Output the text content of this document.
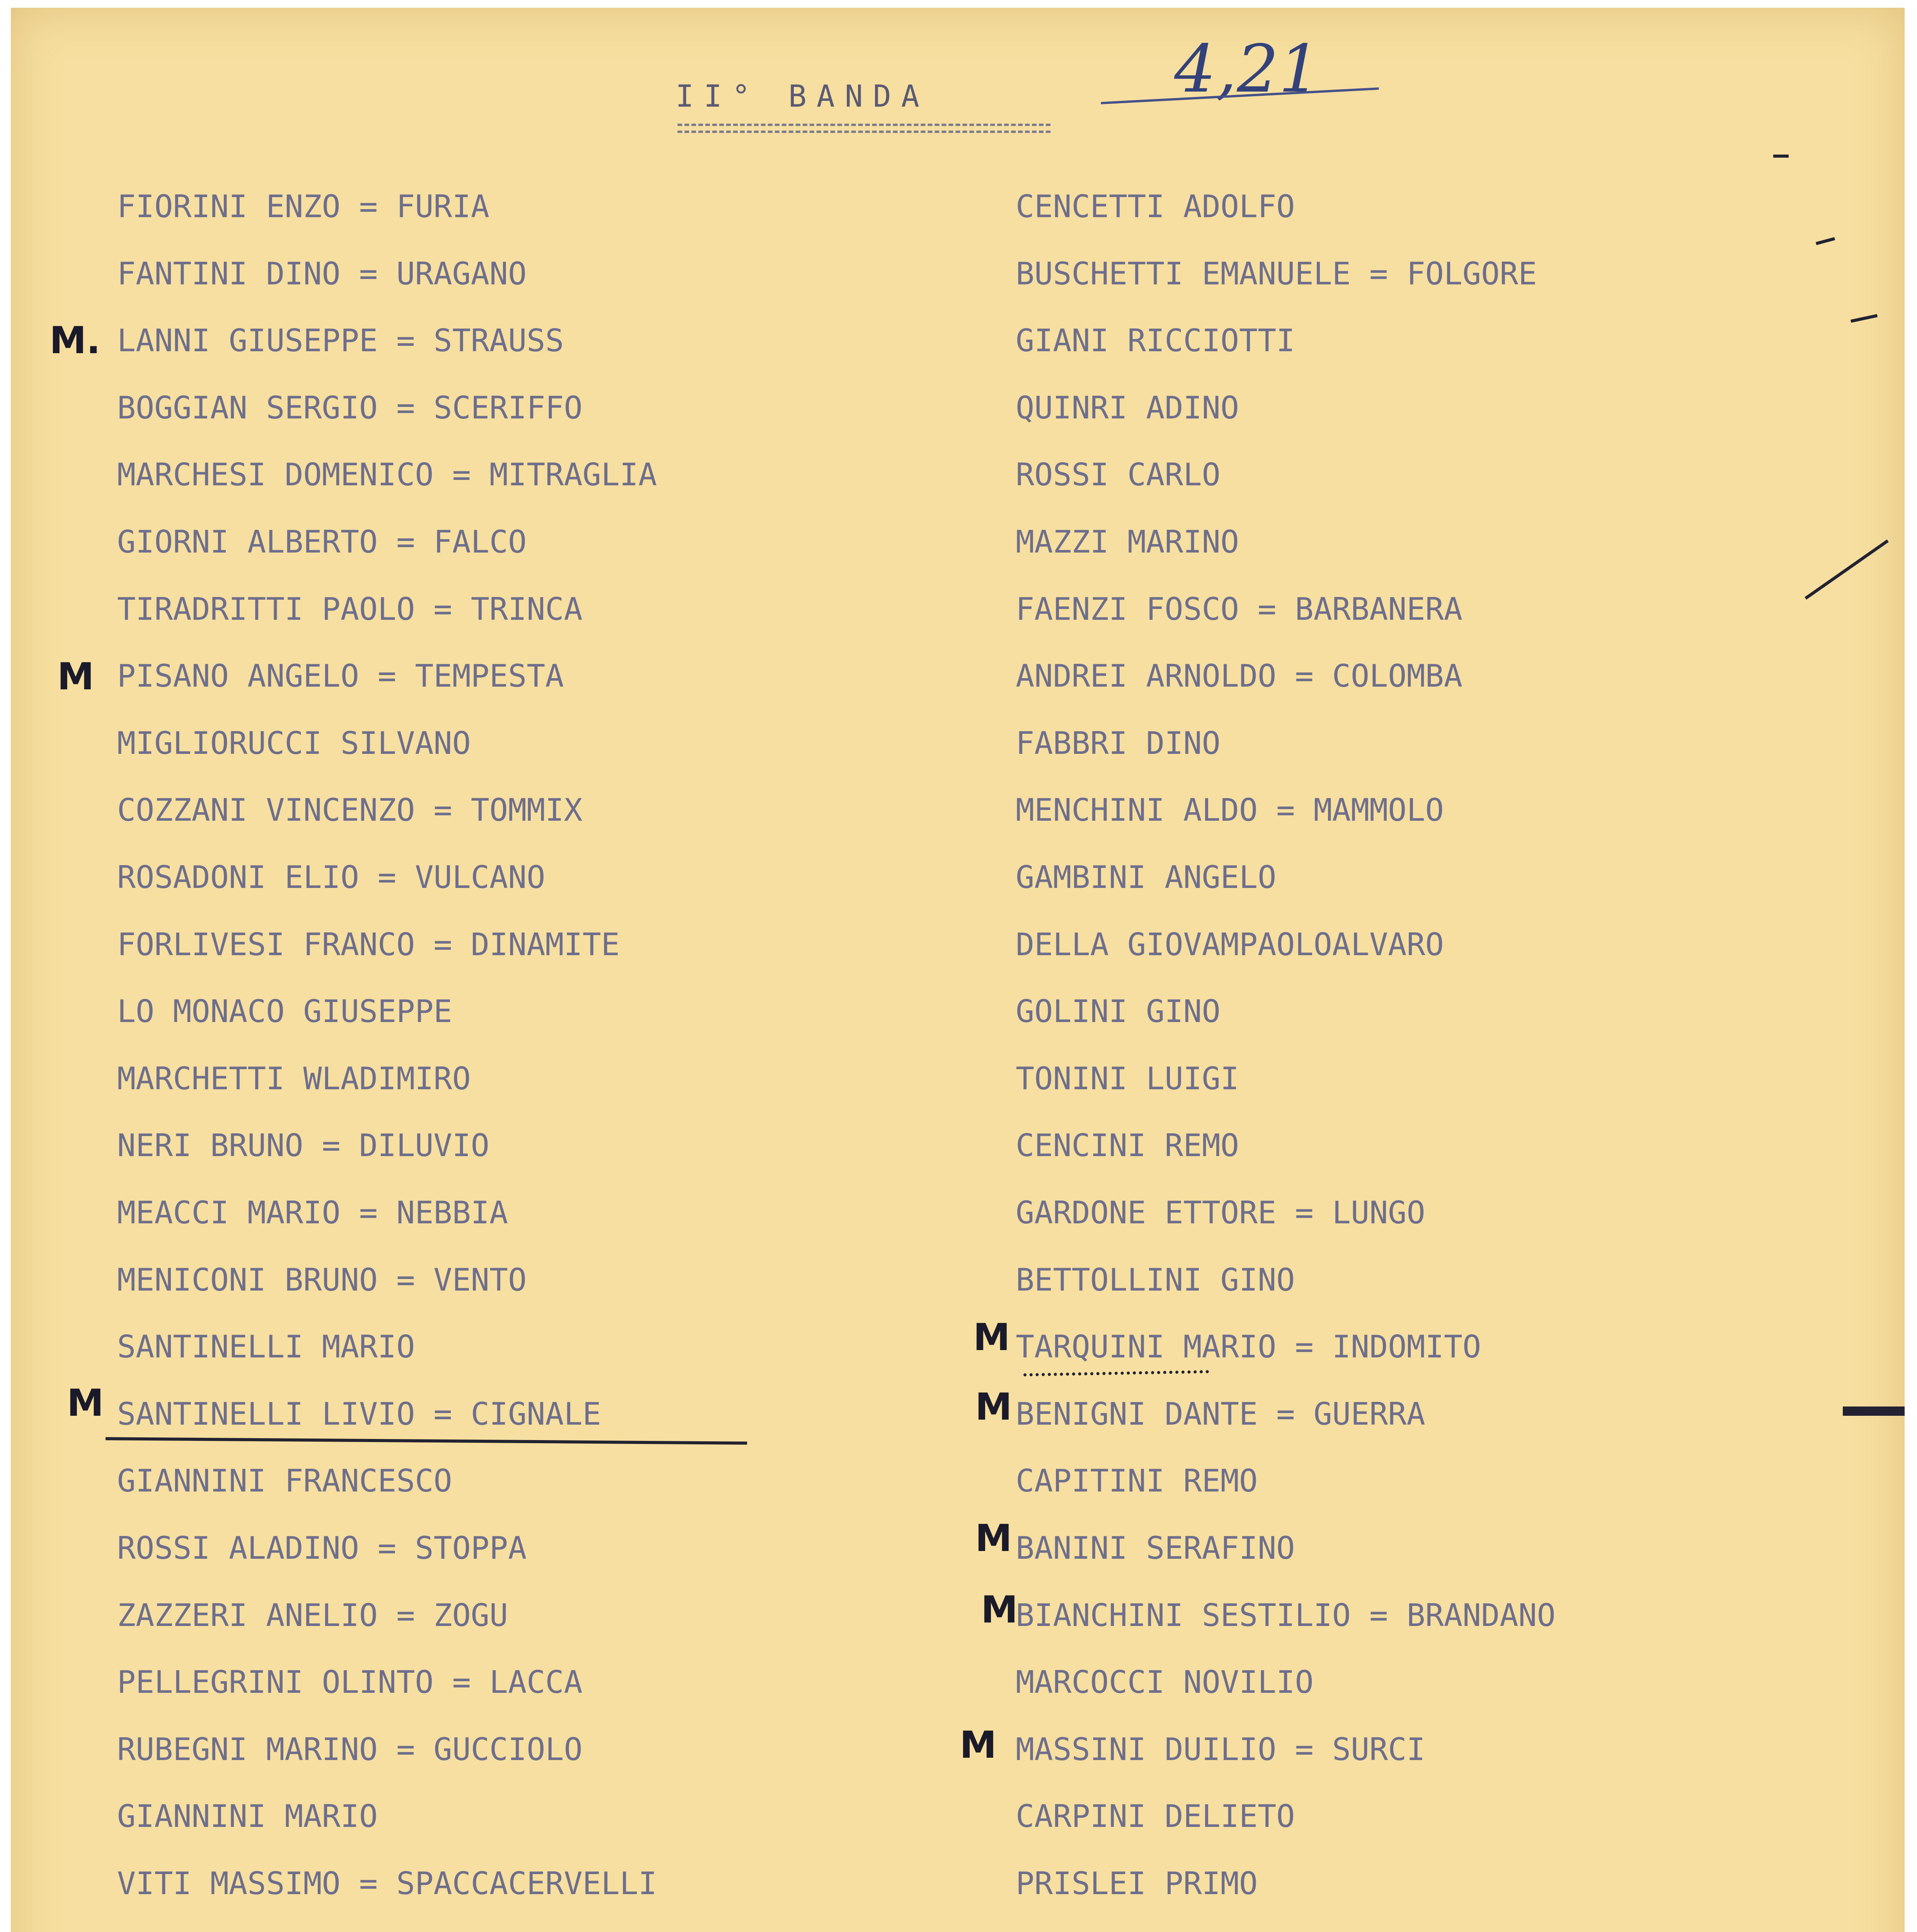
II° BANDA	4,21
FIORINI ENZO = FURIA
FANTINI DINO = URAGANO
LANNI GIUSEPPE = STRAUSS
BOGGIAN SERGIO = SCERIFFO
MARCHESI DOMENICO = MITRAGLIA
GIORNI ALBERTO = FALCO
TIRADRITTI PAOLO = TRINCA
PISANO ANGELO = TEMPESTA
MIGLIORUCCI SILVANO
COZZANI VINCENZO = TOMMIX
ROSADONI ELIO = VULCANO
FORLIVESI FRANCO = DINAMITE
LO MONACO GIUSEPPE
MARCHETTI WLADIMIRO
NERI BRUNO = DILUVIO
MEACCI MARIO = NEBBIA
MENICONI BRUNO = VENTO
SANTINELLI MARIO
SANTINELLI LIVIO = CIGNALE
GIANNINI FRANCESCO
ROSSI ALADINO = STOPPA
ZAZZERI ANELIO = ZOGU
PELLEGRINI OLINTO = LACCA
RUBEGNI MARINO = GUCCIOLO
GIANNINI MARIO
VITI MASSIMO = SPACCACERVELLI
CENCETTI ADOLFO
BUSCHETTI EMANUELE = FOLGORE
GIANI RICCIOTTI
QUINRI ADINO
ROSSI CARLO
MAZZI MARINO
FAENZI FOSCO = BARBANERA
ANDREI ARNOLDO = COLOMBA
FABBRI DINO
MENCHINI ALDO = MAMMOLO
GAMBINI ANGELO
DELLA GIOVAMPAOLOALVARO
GOLINI GINO
TONINI LUIGI
CENCINI REMO
GARDONE ETTORE = LUNGO
BETTOLLINI GINO
TARQUINI MARIO = INDOMITO
BENIGNI DANTE = GUERRA
CAPITINI REMO
BANINI SERAFINO
BIANCHINI SESTILIO = BRANDANO
MARCOCCI NOVILIO
MASSINI DUILIO = SURCI
CARPINI DELIETO
PRISLEI PRIMO
M.
M
M
M
M
M
M
M
